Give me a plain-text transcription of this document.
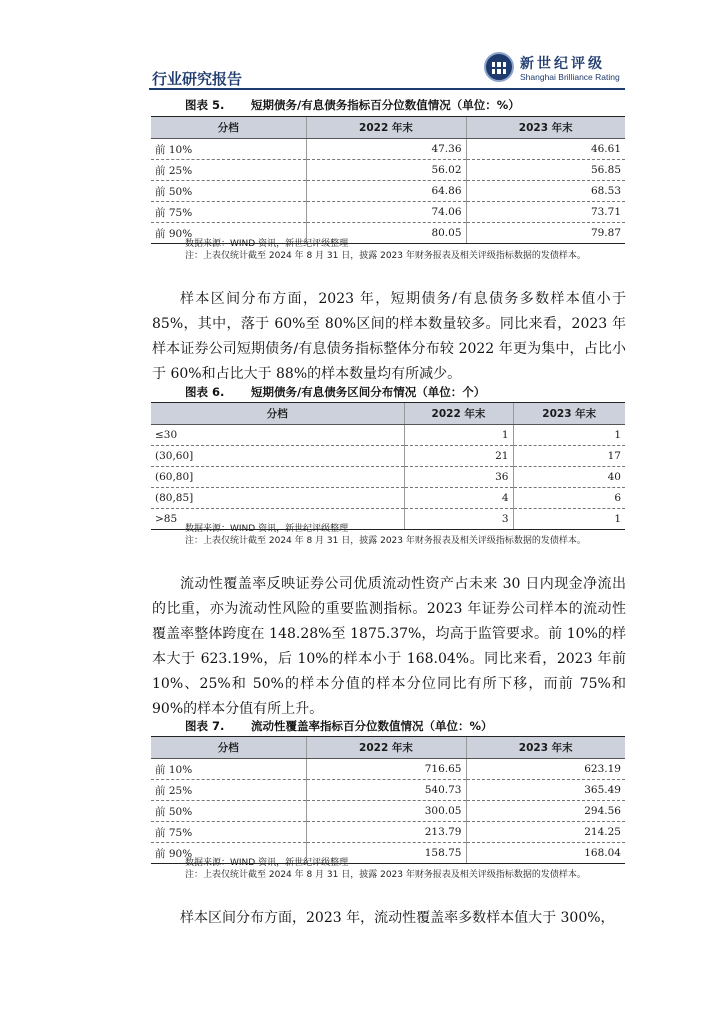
行业研究报告
新世纪评级
Shanghai Brilliance Rating
图表 5. 短期债务/有息债务指标百分位数值情况（单位：%）
分档	2022 年末	2023 年末
前 10%	47.36	46.61
前 25%	56.02	56.85
前 50%	64.86	68.53
前 75%	74.06	73.71
前 90%	80.05	79.87
数据来源：WIND 资讯，新世纪评级整理
注：上表仅统计截至 2024 年 8 月 31 日，披露 2023 年财务报表及相关评级指标数据的发债样本。
样本区间分布方面，2023 年，短期债务/有息债务多数样本值小于 85%，其中，落于 60%至 80%区间的样本数量较多。同比来看，2023 年样本证券公司短期债务/有息债务指标整体分布较 2022 年更为集中，占比小于 60%和占比大于 88%的样本数量均有所减少。
图表 6. 短期债务/有息债务区间分布情况（单位：个）
分档	2022 年末	2023 年末
≤30	1	1
(30,60]	21	17
(60,80]	36	40
(80,85]	4	6
>85	3	1
数据来源：WIND 资讯，新世纪评级整理
注：上表仅统计截至 2024 年 8 月 31 日，披露 2023 年财务报表及相关评级指标数据的发债样本。
流动性覆盖率反映证券公司优质流动性资产占未来 30 日内现金净流出的比重，亦为流动性风险的重要监测指标。2023 年证券公司样本的流动性覆盖率整体跨度在 148.28%至 1875.37%，均高于监管要求。前 10%的样本大于 623.19%，后 10%的样本小于 168.04%。同比来看，2023 年前 10%、25%和 50%的样本分值的样本分位同比有所下移，而前 75%和 90%的样本分值有所上升。
图表 7. 流动性覆盖率指标百分位数值情况（单位：%）
分档	2022 年末	2023 年末
前 10%	716.65	623.19
前 25%	540.73	365.49
前 50%	300.05	294.56
前 75%	213.79	214.25
前 90%	158.75	168.04
数据来源：WIND 资讯，新世纪评级整理
注：上表仅统计截至 2024 年 8 月 31 日，披露 2023 年财务报表及相关评级指标数据的发债样本。
样本区间分布方面，2023 年，流动性覆盖率多数样本值大于 300%，
